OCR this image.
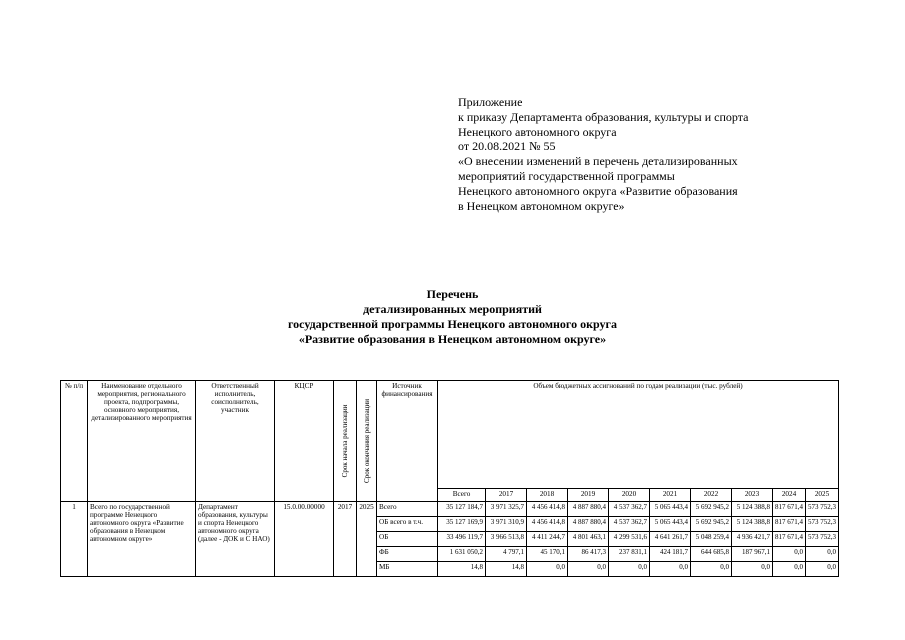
Приложение
к приказу Департамента образования, культуры и спорта
Ненецкого автономного округа
от 20.08.2021 № 55
«О внесении изменений в перечень детализированных
мероприятий государственной программы
Ненецкого автономного округа «Развитие образования
в Ненецком автономном округе»
Перечень
детализированных мероприятий
государственной программы Ненецкого автономного округа
«Развитие образования в Ненецком автономном округе»
№ п/п	Наименование отдельного мероприятия, регионального проекта, подпрограммы, основного мероприятия, детализированного мероприятия	Ответственный исполнитель, соисполнитель, участник	КЦСР	Срок начала реализации	Срок окончания реализации	Источник финансирования	Объем бюджетных ассигнований по годам реализации (тыс. рублей)									
							Всего	2017	2018	2019	2020	2021	2022	2023	2024	2025
1	Всего по государственной программе Ненецкого автономного округа «Развитие образования в Ненецком автономном округе»	Департамент образования, культуры и спорта Ненецкого автономного округа (далее - ДОК и С НАО)	15.0.00.00000	2017	2025	Всего	35 127 184,7	3 971 325,7	4 456 414,8	4 887 880,4	4 537 362,7	5 065 443,4	5 692 945,2	5 124 388,8	817 671,4	573 752,3
						ОБ всего в т.ч.	35 127 169,9	3 971 310,9	4 456 414,8	4 887 880,4	4 537 362,7	5 065 443,4	5 692 945,2	5 124 388,8	817 671,4	573 752,3
						ОБ	33 496 119,7	3 966 513,8	4 411 244,7	4 801 463,1	4 299 531,6	4 641 261,7	5 048 259,4	4 936 421,7	817 671,4	573 752,3
						ФБ	1 631 050,2	4 797,1	45 170,1	86 417,3	237 831,1	424 181,7	644 685,8	187 967,1	0,0	0,0
						МБ	14,8	14,8	0,0	0,0	0,0	0,0	0,0	0,0	0,0	0,0
